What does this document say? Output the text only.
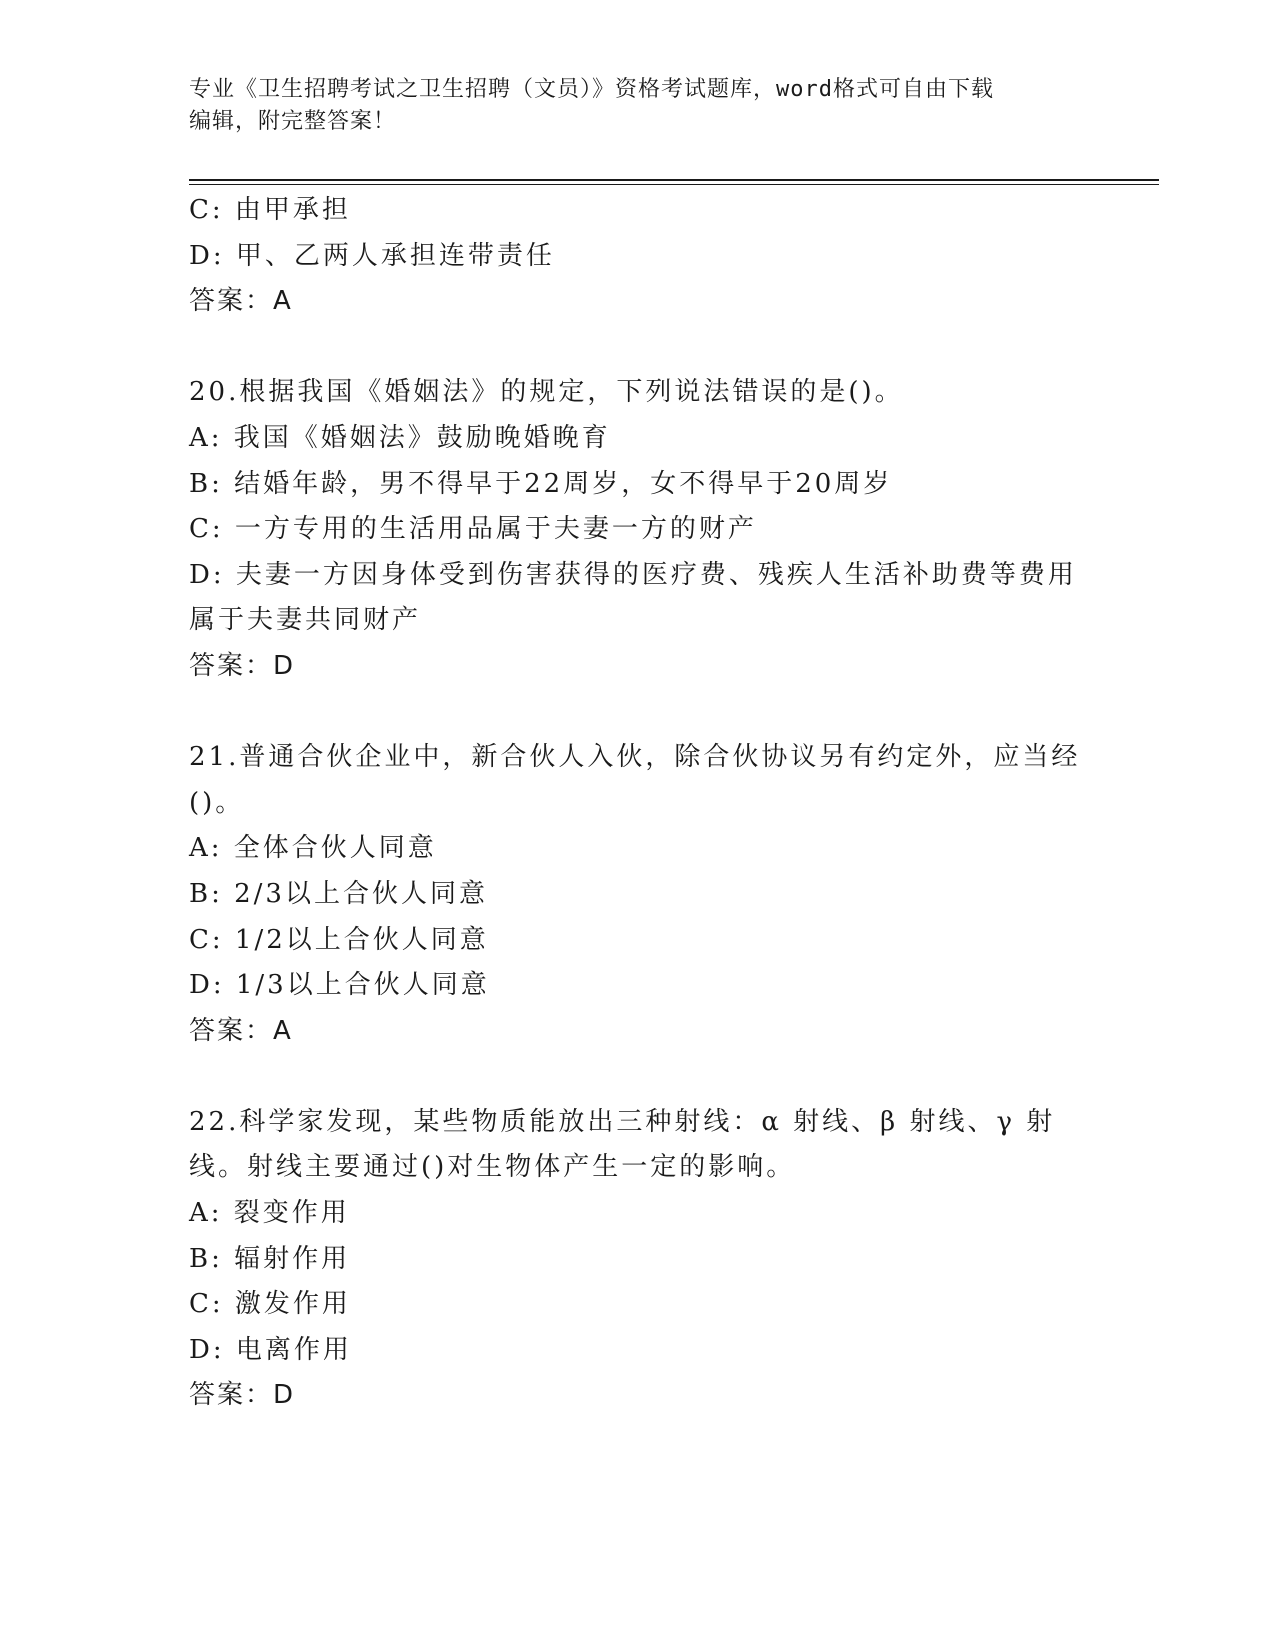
专业《卫生招聘考试之卫生招聘（文员）》资格考试题库，word格式可自由下载
编辑，附完整答案！
C: 由甲承担
D: 甲、乙两人承担连带责任
答案：A
20.根据我国《婚姻法》的规定，下列说法错误的是()。
A: 我国《婚姻法》鼓励晚婚晚育
B: 结婚年龄，男不得早于22周岁，女不得早于20周岁
C: 一方专用的生活用品属于夫妻一方的财产
D: 夫妻一方因身体受到伤害获得的医疗费、残疾人生活补助费等费用
属于夫妻共同财产
答案：D
21.普通合伙企业中，新合伙人入伙，除合伙协议另有约定外，应当经
()。
A: 全体合伙人同意
B: 2/3以上合伙人同意
C: 1/2以上合伙人同意
D: 1/3以上合伙人同意
答案：A
22.科学家发现，某些物质能放出三种射线：α 射线、β 射线、γ 射
线。射线主要通过()对生物体产生一定的影响。
A: 裂变作用
B: 辐射作用
C: 激发作用
D: 电离作用
答案：D
